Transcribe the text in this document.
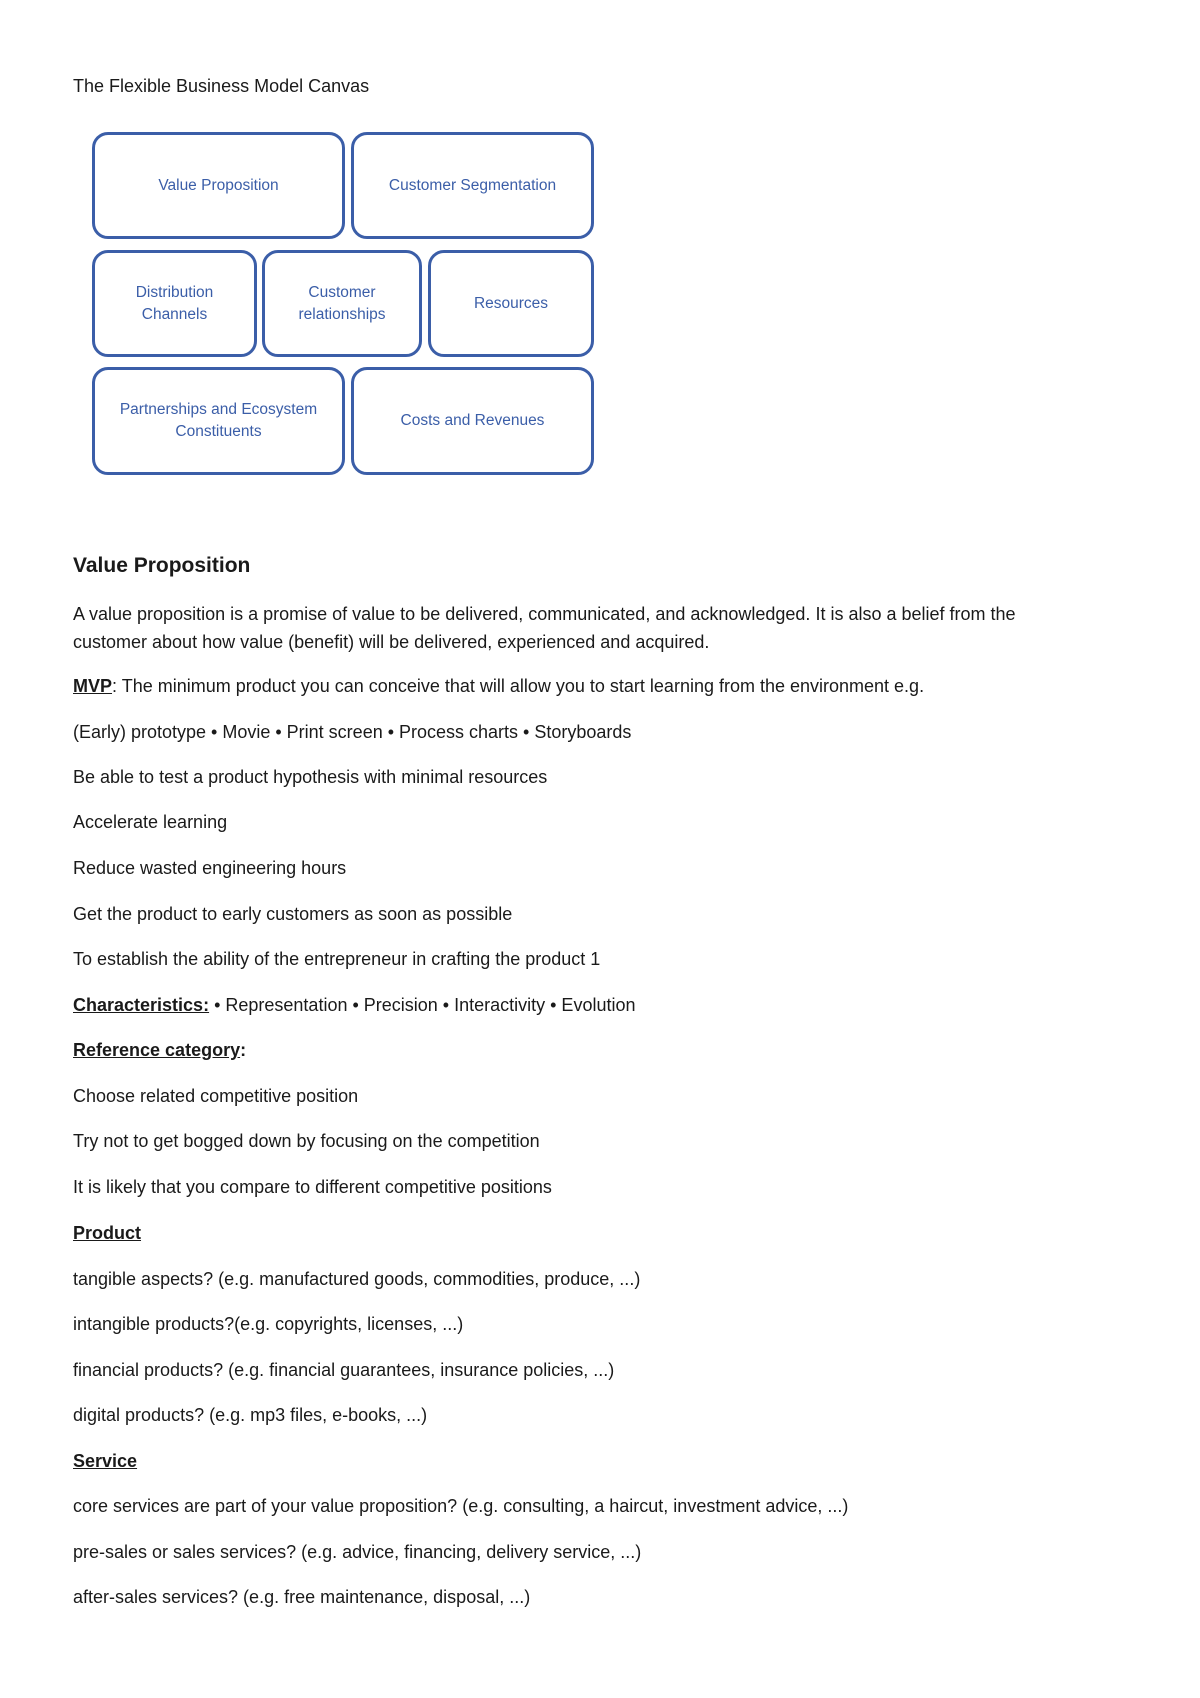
The Flexible Business Model Canvas
Value Proposition	Customer Segmentation
Distribution Channels
Customer relationships
Resources
Partnerships and Ecosystem Constituents
Costs and Revenues
Value Proposition
A value proposition is a promise of value to be delivered, communicated, and acknowledged. It is also a belief from the customer about how value (benefit) will be delivered, experienced and acquired.
MVP: The minimum product you can conceive that will allow you to start learning from the environment e.g.
(Early) prototype • Movie • Print screen • Process charts • Storyboards
Be able to test a product hypothesis with minimal resources
Accelerate learning
Reduce wasted engineering hours
Get the product to early customers as soon as possible
To establish the ability of the entrepreneur in crafting the product 1
Characteristics: • Representation • Precision • Interactivity • Evolution
Reference category:
Choose related competitive position
Try not to get bogged down by focusing on the competition
It is likely that you compare to different competitive positions
Product
tangible aspects? (e.g. manufactured goods, commodities, produce, ...)
intangible products?(e.g. copyrights, licenses, ...)
financial products? (e.g. financial guarantees, insurance policies, ...)
digital products? (e.g. mp3 files, e-books, ...)
Service
core services are part of your value proposition? (e.g. consulting, a haircut, investment advice, ...)
pre-sales or sales services? (e.g. advice, financing, delivery service, ...)
after-sales services? (e.g. free maintenance, disposal, ...)
